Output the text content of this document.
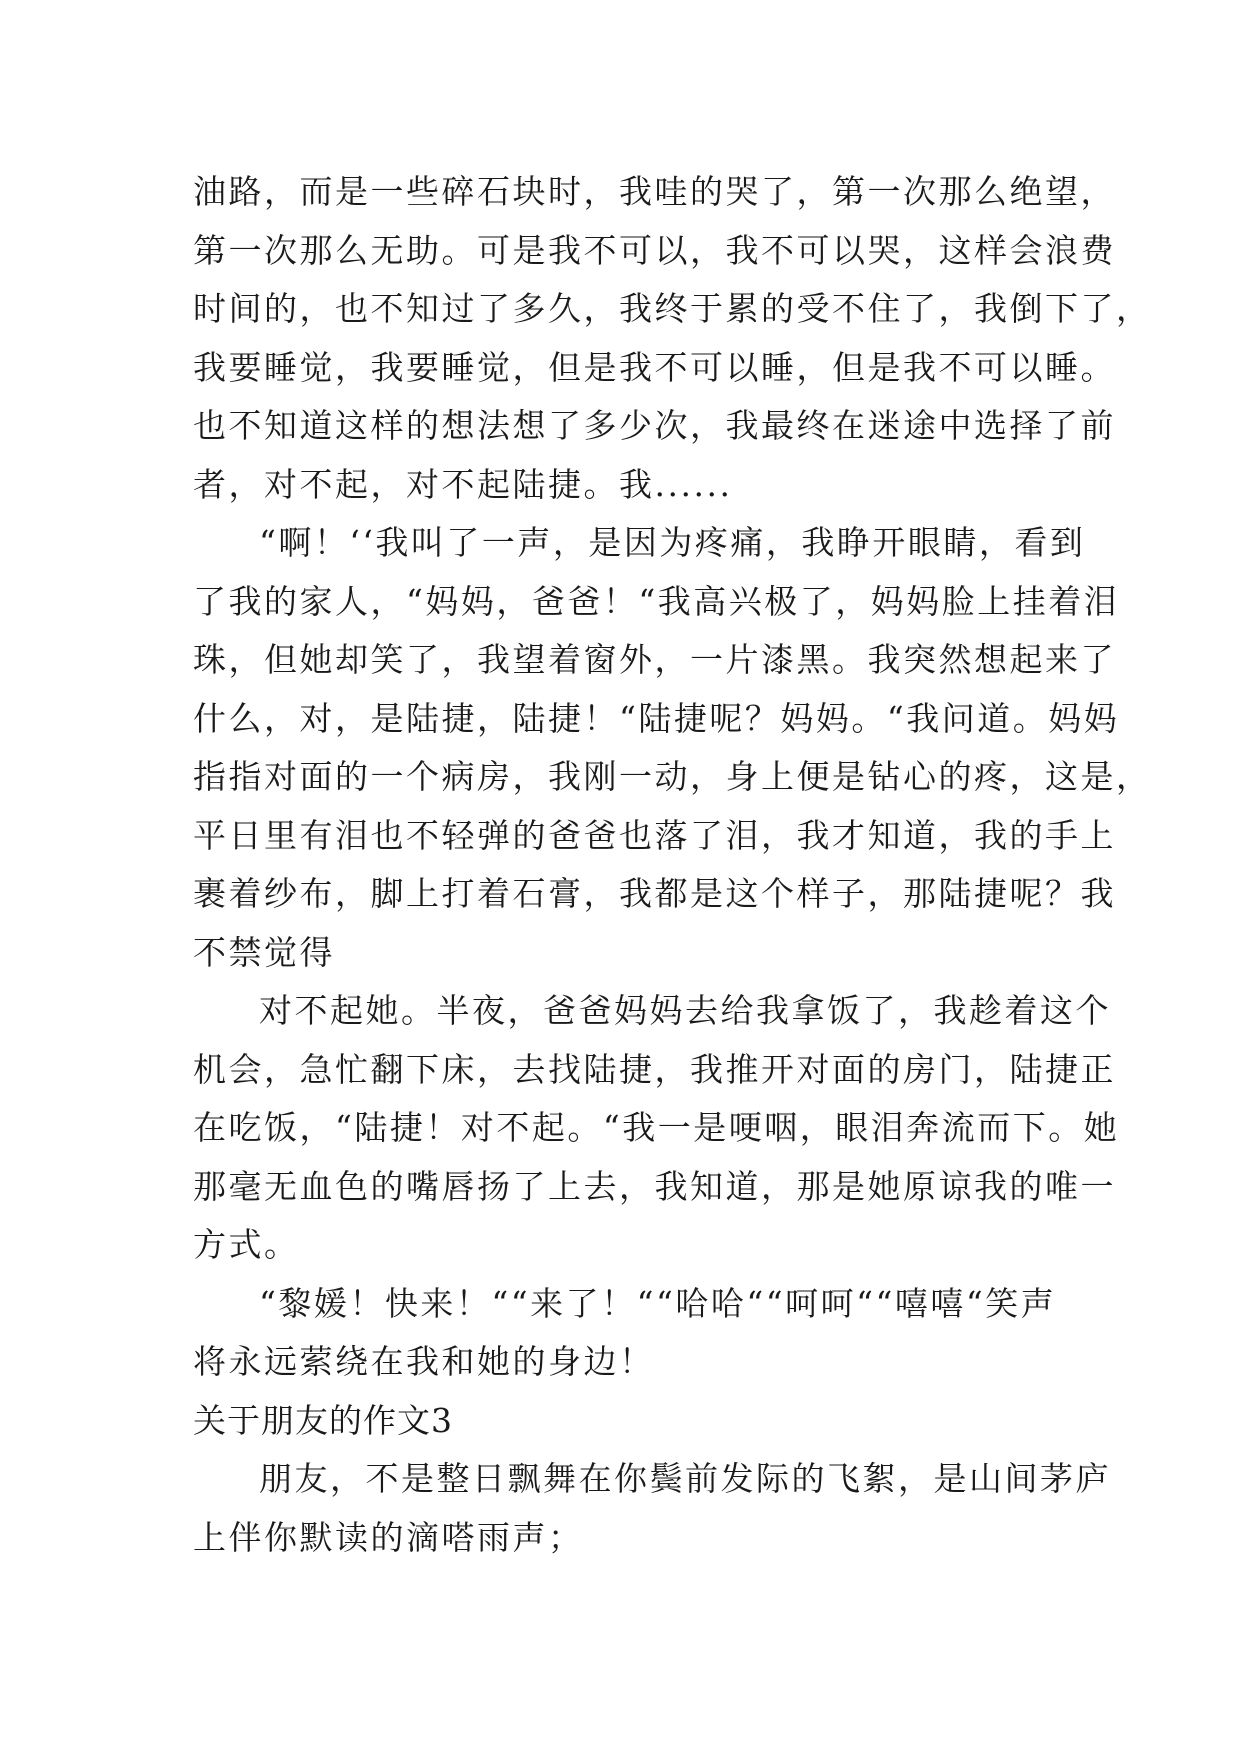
油路，而是一些碎石块时，我哇的哭了，第一次那么绝望，
第一次那么无助。可是我不可以，我不可以哭，这样会浪费
时间的，也不知过了多久，我终于累的受不住了，我倒下了，
我要睡觉，我要睡觉，但是我不可以睡，但是我不可以睡。
也不知道这样的想法想了多少次，我最终在迷途中选择了前
者，对不起，对不起陆捷。我......
“啊！‘‘我叫了一声，是因为疼痛，我睁开眼睛，看到
了我的家人，“妈妈，爸爸！“我高兴极了，妈妈脸上挂着泪
珠，但她却笑了，我望着窗外，一片漆黑。我突然想起来了
什么，对，是陆捷，陆捷！“陆捷呢？妈妈。“我问道。妈妈
指指对面的一个病房，我刚一动，身上便是钻心的疼，这是，
平日里有泪也不轻弹的爸爸也落了泪，我才知道，我的手上
裹着纱布，脚上打着石膏，我都是这个样子，那陆捷呢？我
不禁觉得
对不起她。半夜，爸爸妈妈去给我拿饭了，我趁着这个
机会，急忙翻下床，去找陆捷，我推开对面的房门，陆捷正
在吃饭，“陆捷！对不起。“我一是哽咽，眼泪奔流而下。她
那毫无血色的嘴唇扬了上去，我知道，那是她原谅我的唯一
方式。
“黎媛！快来！““来了！““哈哈““呵呵““嘻嘻“笑声
将永远萦绕在我和她的身边！
关于朋友的作文3
朋友，不是整日飘舞在你鬓前发际的飞絮，是山间茅庐
上伴你默读的滴嗒雨声；
